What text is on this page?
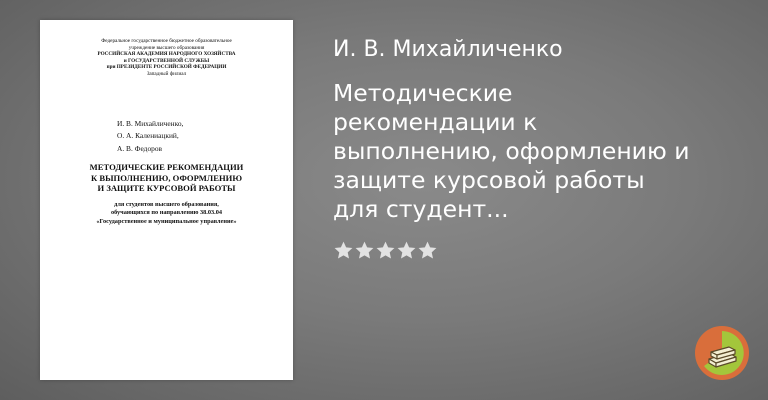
Федеральное государственное бюджетное образовательное
учреждение высшего образования
РОССИЙСКАЯ АКАДЕМИЯ НАРОДНОГО ХОЗЯЙСТВА
и ГОСУДАРСТВЕННОЙ СЛУЖБЫ
при ПРЕЗИДЕНТЕ РОССИЙСКОЙ ФЕДЕРАЦИИ
Западный филиал
И. В. Михайличенко,
О. А. Калениацкий,
А. В. Федоров
МЕТОДИЧЕСКИЕ РЕКОМЕНДАЦИИ
К ВЫПОЛНЕНИЮ, ОФОРМЛЕНИЮ
И ЗАЩИТЕ КУРСОВОЙ РАБОТЫ
для студентов высшего образования,
обучающихся по направлению 38.03.04
«Государственное и муниципальное управление»
И. В. Михайличенко
Методические
рекомендации к
выполнению, оформлению и
защите курсовой работы
для студент...
